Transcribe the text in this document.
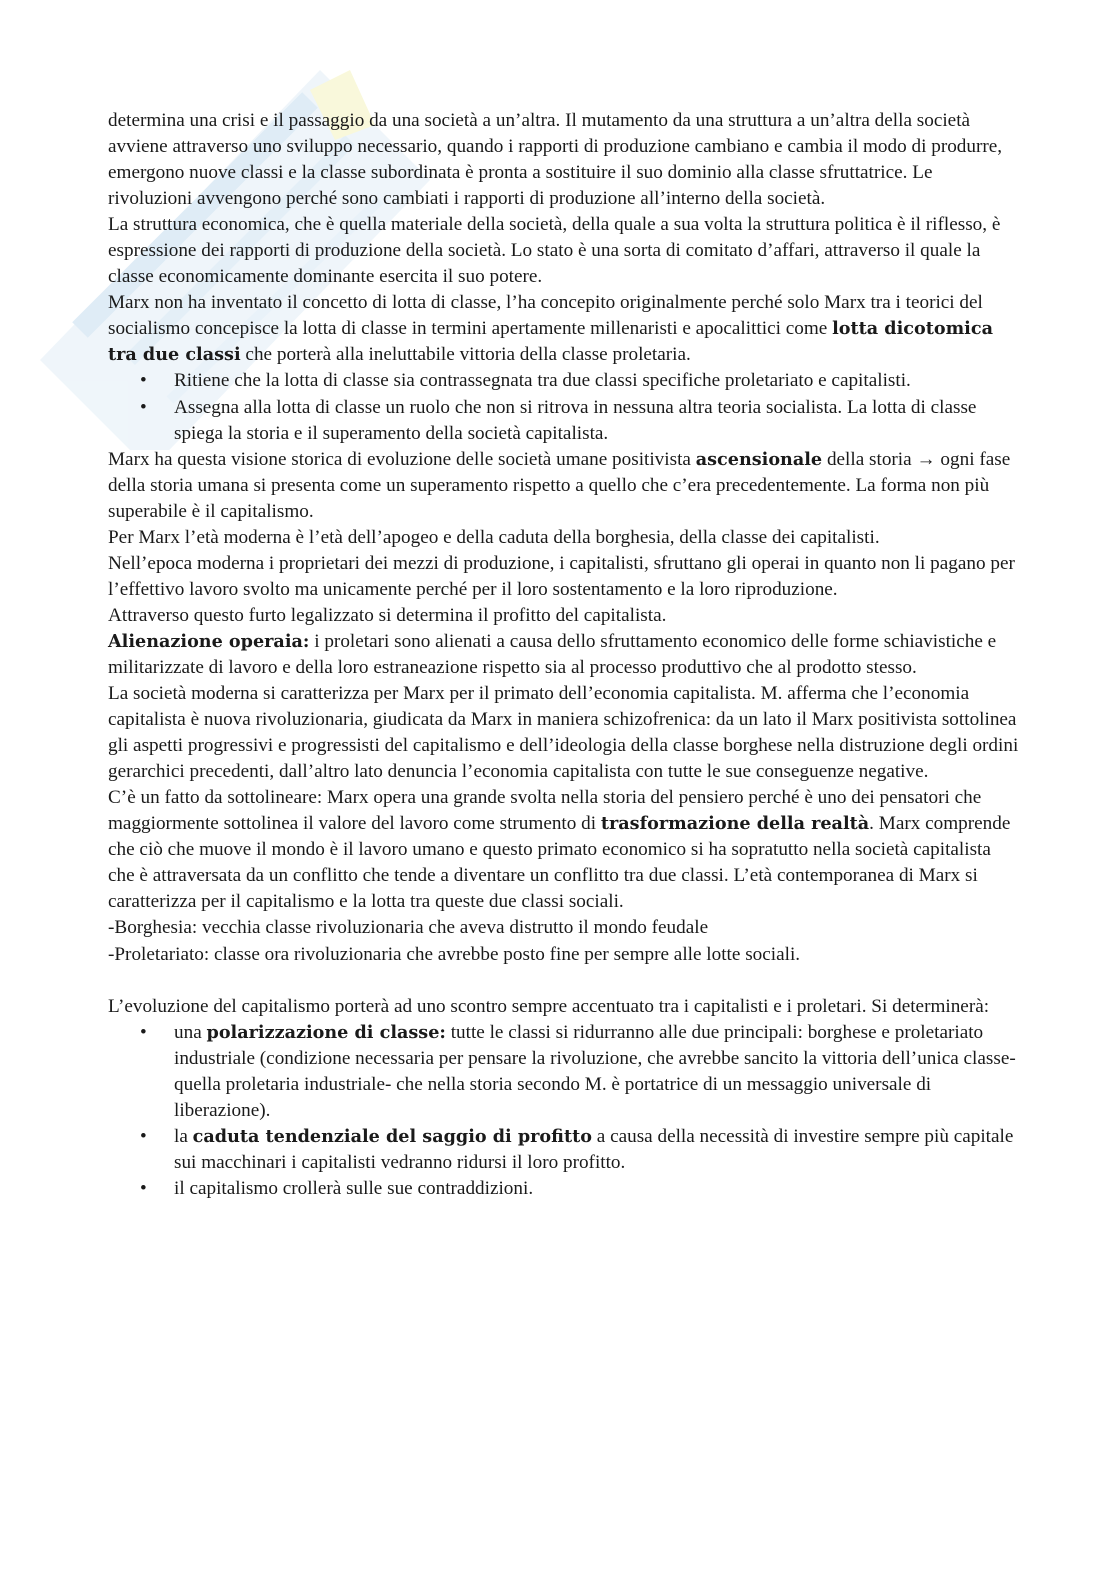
determina una crisi e il passaggio da una società a un’altra. Il mutamento da una struttura a un’altra della società avviene attraverso uno sviluppo necessario, quando i rapporti di produzione cambiano e cambia il modo di produrre, emergono nuove classi e la classe subordinata è pronta a sostituire il suo dominio alla classe sfruttatrice. Le rivoluzioni avvengono perché sono cambiati i rapporti di produzione all’interno della società.

La struttura economica, che è quella materiale della società, della quale a sua volta la struttura politica è il riflesso, è espressione dei rapporti di produzione della società. Lo stato è una sorta di comitato d’affari, attraverso il quale la classe economicamente dominante esercita il suo potere.

Marx non ha inventato il concetto di lotta di classe, l’ha concepito originalmente perché solo Marx tra i teorici del socialismo concepisce la lotta di classe in termini apertamente millenaristi e apocalittici come lotta dicotomica tra due classi che porterà alla ineluttabile vittoria della classe proletaria.

• Ritiene che la lotta di classe sia contrassegnata tra due classi specifiche proletariato e capitalisti.
• Assegna alla lotta di classe un ruolo che non si ritrova in nessuna altra teoria socialista. La lotta di classe spiega la storia e il superamento della società capitalista.

Marx ha questa visione storica di evoluzione delle società umane positivista ascensionale della storia → ogni fase della storia umana si presenta come un superamento rispetto a quello che c’era precedentemente. La forma non più superabile è il capitalismo.

Per Marx l’età moderna è l’età dell’apogeo e della caduta della borghesia, della classe dei capitalisti.

Nell’epoca moderna i proprietari dei mezzi di produzione, i capitalisti, sfruttano gli operai in quanto non li pagano per l’effettivo lavoro svolto ma unicamente perché per il loro sostentamento e la loro riproduzione.

Attraverso questo furto legalizzato si determina il profitto del capitalista.

Alienazione operaia: i proletari sono alienati a causa dello sfruttamento economico delle forme schiavistiche e militarizzate di lavoro e della loro estraneazione rispetto sia al processo produttivo che al prodotto stesso.

La società moderna si caratterizza per Marx per il primato dell’economia capitalista. M. afferma che l’economia capitalista è nuova rivoluzionaria, giudicata da Marx in maniera schizofrenica: da un lato il Marx positivista sottolinea gli aspetti progressivi e progressisti del capitalismo e dell’ideologia della classe borghese nella distruzione degli ordini gerarchici precedenti, dall’altro lato denuncia l’economia capitalista con tutte le sue conseguenze negative.

C’è un fatto da sottolineare: Marx opera una grande svolta nella storia del pensiero perché è uno dei pensatori che maggiormente sottolinea il valore del lavoro come strumento di trasformazione della realtà. Marx comprende che ciò che muove il mondo è il lavoro umano e questo primato economico si ha sopratutto nella società capitalista che è attraversata da un conflitto che tende a diventare un conflitto tra due classi. L’età contemporanea di Marx si caratterizza per il capitalismo e la lotta tra queste due classi sociali.

-Borghesia: vecchia classe rivoluzionaria che aveva distrutto il mondo feudale

-Proletariato: classe ora rivoluzionaria che avrebbe posto fine per sempre alle lotte sociali.

L’evoluzione del capitalismo porterà ad uno scontro sempre accentuato tra i capitalisti e i proletari. Si determinerà:

• una polarizzazione di classe: tutte le classi si ridurranno alle due principali: borghese e proletariato industriale (condizione necessaria per pensare la rivoluzione, che avrebbe sancito la vittoria dell’unica classe- quella proletaria industriale- che nella storia secondo M. è portatrice di un messaggio universale di liberazione).
• la caduta tendenziale del saggio di profitto a causa della necessità di investire sempre più capitale sui macchinari i capitalisti vedranno ridursi il loro profitto.
• il capitalismo crollerà sulle sue contraddizioni.
